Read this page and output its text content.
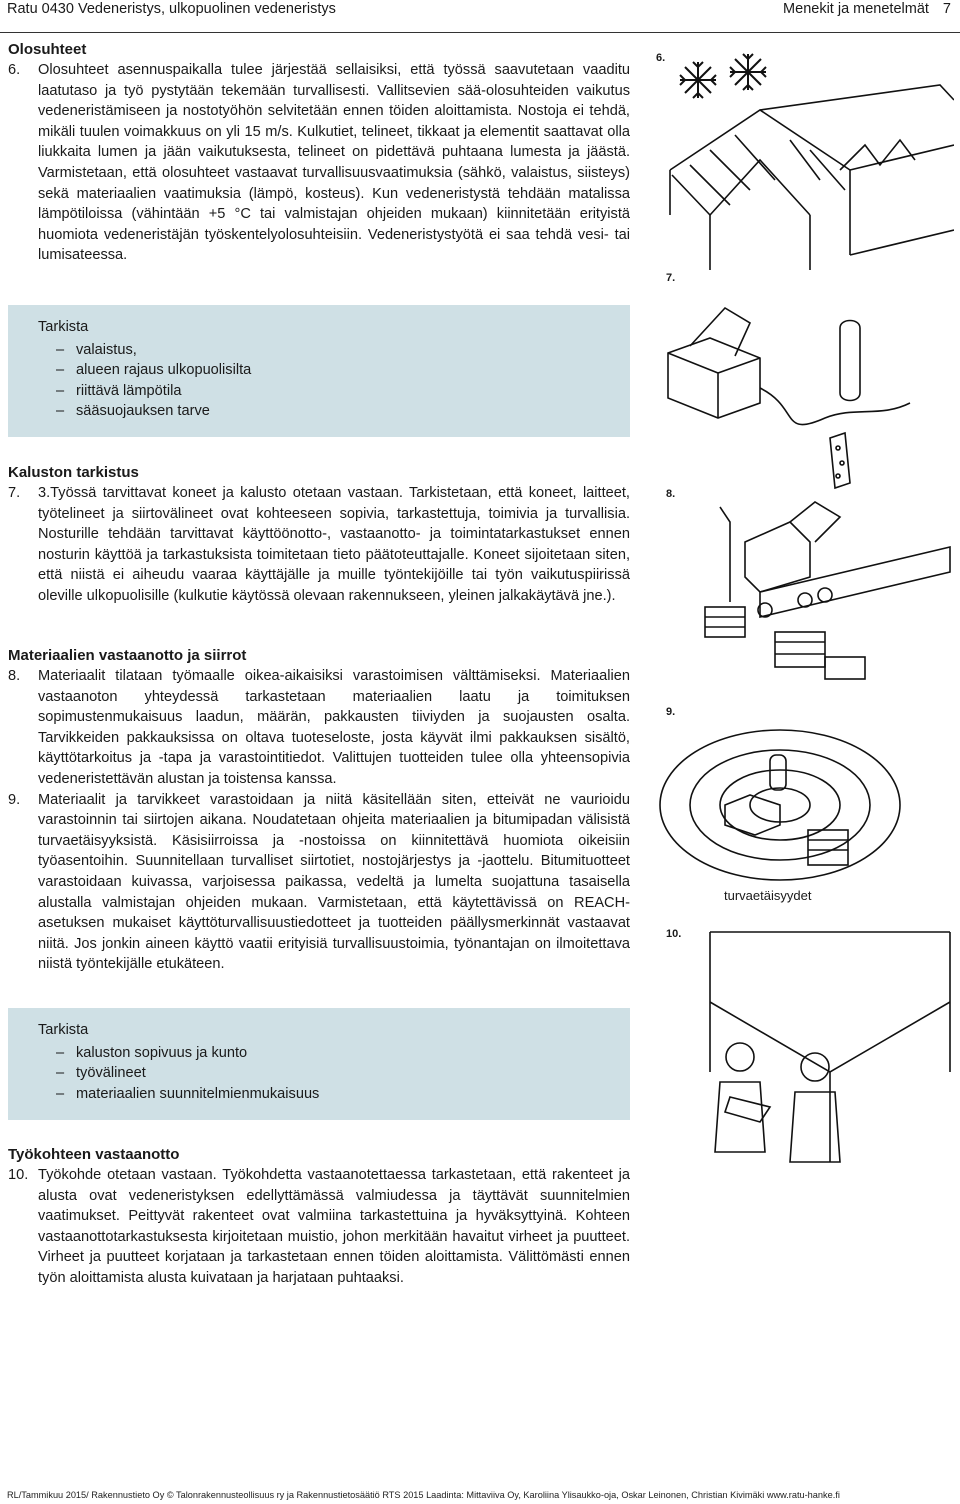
Ratu 0430 Vedeneristys, ulkopuolinen vedeneristys	Menekit ja menetelmät 7
Olosuhteet
6.	Olosuhteet asennuspaikalla tulee järjestää sellaisiksi, että työssä saavutetaan vaaditu laatutaso ja työ pystytään tekemään turvallisesti. Vallitsevien sää-olosuhteiden vaikutus vedeneristämiseen ja nostotyöhön selvitetään ennen töiden aloittamista. Nostoja ei tehdä, mikäli tuulen voimakkuus on yli 15 m/s. Kulkutiet, telineet, tikkaat ja elementit saattavat olla liukkaita lumen ja jään vaikutuksesta, telineet on pidettävä puhtaana lumesta ja jäästä. Varmistetaan, että olosuhteet vastaavat turvallisuusvaatimuksia (sähkö, valaistus, siisteys) sekä materiaalien vaatimuksia (lämpö, kosteus). Kun vedeneristystä tehdään matalissa lämpötiloissa (vähintään +5 °C tai valmistajan ohjeiden mukaan) kiinnitetään erityistä huomiota vedeneristäjän työskentelyolosuhteisiin. Vedeneristystyötä ei saa tehdä vesi- tai lumisateessa.

Tarkista
– valaistus,
– alueen rajaus ulkopuolisilta
– riittävä lämpötila
– sääsuojauksen tarve
Kaluston tarkistus
7.	3.Työssä tarvittavat koneet ja kalusto otetaan vastaan. Tarkistetaan, että koneet, laitteet, työtelineet ja siirtovälineet ovat kohteeseen sopivia, tarkastettuja, toimivia ja turvallisia. Nosturille tehdään tarvittavat käyttöönotto-, vastaanotto- ja toimintatarkastukset ennen nosturin käyttöä ja tarkastuksista toimitetaan tieto päätoteuttajalle. Koneet sijoitetaan siten, että niistä ei aiheudu vaaraa käyttäjälle ja muille työntekijöille tai työn vaikutuspiirissä oleville ulkopuolisille (kulkutie käytössä olevaan rakennukseen, yleinen jalkakäytävä jne.).

Materiaalien vastaanotto ja siirrot
8.	Materiaalit tilataan työmaalle oikea-aikaisiksi varastoimisen välttämiseksi. Materiaalien vastaanoton yhteydessä tarkastetaan materiaalien laatu ja toimituksen sopimustenmukaisuus laadun, määrän, pakkausten tiiviyden ja suojausten osalta. Tarvikkeiden pakkauksissa on oltava tuoteseloste, josta käyvät ilmi pakkauksen sisältö, käyttötarkoitus ja -tapa ja varastointitiedot. Valittujen tuotteiden tulee olla yhteensopivia vedeneristettävän alustan ja toistensa kanssa.

9.	Materiaalit ja tarvikkeet varastoidaan ja niitä käsitellään siten, etteivät ne vaurioidu varastoinnin tai siirtojen aikana. Noudatetaan ohjeita materiaalien ja bitumipadan välisistä turvaetäisyyksistä. Käsisiirroissa ja -nostoissa on kiinnitettävä huomiota oikeisiin työasentoihin. Suunnitellaan turvalliset siirtotiet, nostojärjestys ja -jaottelu. Bitumituotteet varastoidaan kuivassa, varjoisessa paikassa, vedeltä ja lumelta suojattuna tasaisella alustalla valmistajan ohjeiden mukaan. Varmistetaan, että käytettävissä on REACH-asetuksen mukaiset käyttöturvallisuustiedotteet ja tuotteiden päällysmerkinnät vastaavat niitä. Jos jonkin aineen käyttö vaatii erityisiä turvallisuustoimia, työnantajan on ilmoitettava niistä työntekijälle etukäteen.

Tarkista
– kaluston sopivuus ja kunto
– työvälineet
– materiaalien suunnitelmienmukaisuus
Työkohteen vastaanotto
10. Työkohde otetaan vastaan. Työkohdetta vastaanotettaessa tarkastetaan, että rakenteet ja alusta ovat vedeneristyksen edellyttämässä valmiudessa ja täyttävät suunnitelmien vaatimukset. Peittyvät rakenteet ovat valmiina tarkastettuina ja hyväksyttyinä. Kohteen vastaanottotarkastuksesta kirjoitetaan muistio, johon merkitään havaitut virheet ja puutteet. Virheet ja puutteet korjataan ja tarkastetaan ennen töiden aloittamista. Välittömästi ennen työn aloittamista alusta kuivataan ja harjataan puhtaaksi.

6.
7.
8.
9.
turvaetäisyydet
10.
RL/Tammikuu 2015/ Rakennustieto Oy © Talonrakennusteollisuus ry ja Rakennustietosäätiö RTS 2015 Laadinta: Mittaviiva Oy, Karoliina Ylisaukko-oja, Oskar Leinonen, Christian Kivimäki www.ratu-hanke.fi
